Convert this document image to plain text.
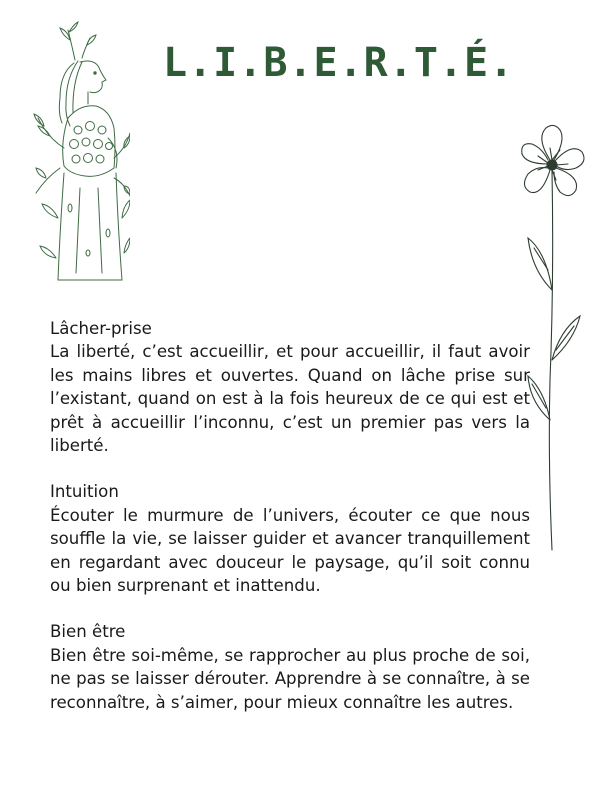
L.I.B.E.R.T.É.
Lâcher-prise

La liberté, c’est accueillir, et pour accueillir, il faut avoir les mains libres et ouvertes. Quand on lâche prise sur l’existant, quand on est à la fois heureux de ce qui est et prêt à accueillir l’inconnu, c’est un premier pas vers la liberté.

Intuition

Écouter le murmure de l’univers, écouter ce que nous souffle la vie, se laisser guider et avancer tranquillement en regardant avec douceur le paysage, qu’il soit connu ou bien surprenant et inattendu.

Bien être

Bien être soi-même, se rapprocher au plus proche de soi, ne pas se laisser dérouter. Apprendre à se connaître, à se reconnaître, à s’aimer, pour mieux connaître les autres.
